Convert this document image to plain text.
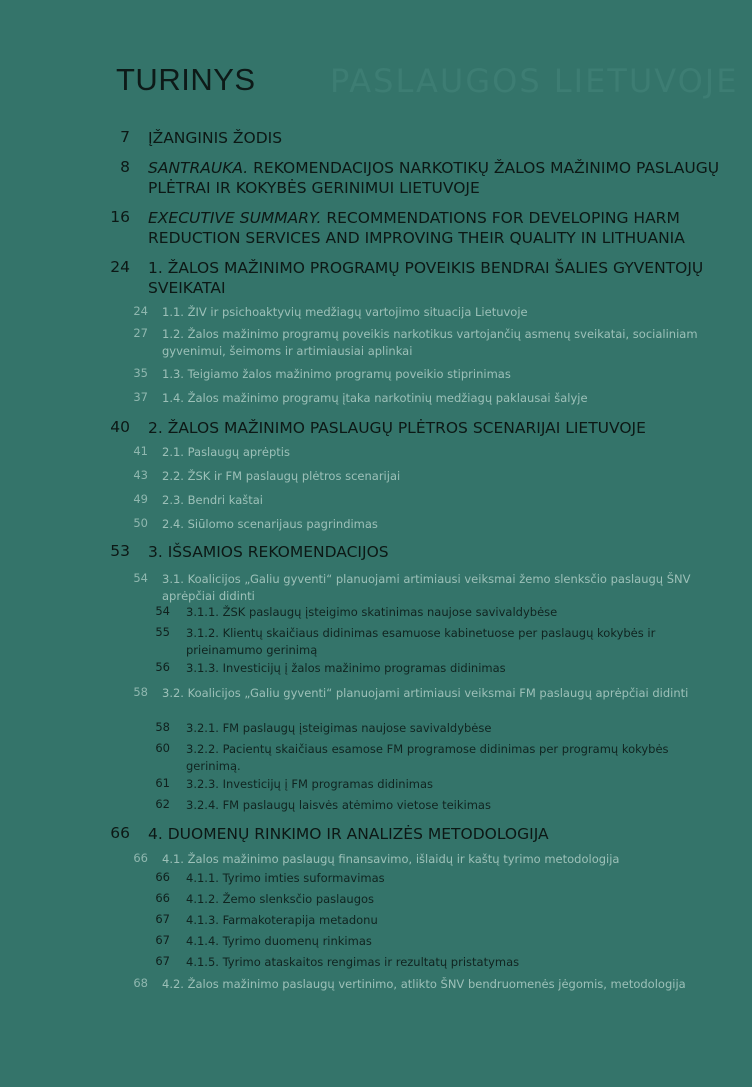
PASLAUGOS LIETUVOJE
TURINYS
7 ĮŽANGINIS ŽODIS
8 SANTRAUKA. REKOMENDACIJOS NARKOTIKŲ ŽALOS MAŽINIMO PASLAUGŲ PLĖTRAI IR KOKYBĖS GERINIMUI LIETUVOJE
16 EXECUTIVE SUMMARY. RECOMMENDATIONS FOR DEVELOPING HARM REDUCTION SERVICES AND IMPROVING THEIR QUALITY IN LITHUANIA
24 1. ŽALOS MAŽINIMO PROGRAMŲ POVEIKIS BENDRAI ŠALIES GYVENTOJŲ SVEIKATAI
24 1.1. ŽIV ir psichoaktyvių medžiagų vartojimo situacija Lietuvoje
27 1.2. Žalos mažinimo programų poveikis narkotikus vartojančių asmenų sveikatai, socialiniam gyvenimui, šeimoms ir artimiausiai aplinkai
35 1.3. Teigiamo žalos mažinimo programų poveikio stiprinimas
37 1.4. Žalos mažinimo programų įtaka narkotinių medžiagų paklausai šalyje
40 2. ŽALOS MAŽINIMO PASLAUGŲ PLĖTROS SCENARIJAI LIETUVOJE
41 2.1. Paslaugų aprėptis
43 2.2. ŽSK ir FM paslaugų plėtros scenarijai
49 2.3. Bendri kaštai
50 2.4. Siūlomo scenarijaus pagrindimas
53 3. IŠSAMIOS REKOMENDACIJOS
54 3.1. Koalicijos „Galiu gyventi“ planuojami artimiausi veiksmai žemo slenksčio paslaugų ŠNV aprėpčiai didinti
54 3.1.1. ŽSK paslaugų įsteigimo skatinimas naujose savivaldybėse
55 3.1.2. Klientų skaičiaus didinimas esamuose kabinetuose per paslaugų kokybės ir prieinamumo gerinimą
56 3.1.3. Investicijų į žalos mažinimo programas didinimas
58 3.2. Koalicijos „Galiu gyventi“ planuojami artimiausi veiksmai FM paslaugų aprėpčiai didinti
58 3.2.1. FM paslaugų įsteigimas naujose savivaldybėse
60 3.2.2. Pacientų skaičiaus esamose FM programose didinimas per programų kokybės gerinimą.
61 3.2.3. Investicijų į FM programas didinimas
62 3.2.4. FM paslaugų laisvės atėmimo vietose teikimas
66 4. DUOMENŲ RINKIMO IR ANALIZĖS METODOLOGIJA
66 4.1. Žalos mažinimo paslaugų finansavimo, išlaidų ir kaštų tyrimo metodologija
66 4.1.1. Tyrimo imties suformavimas
66 4.1.2. Žemo slenksčio paslaugos
67 4.1.3. Farmakoterapija metadonu
67 4.1.4. Tyrimo duomenų rinkimas
67 4.1.5. Tyrimo ataskaitos rengimas ir rezultatų pristatymas
68 4.2. Žalos mažinimo paslaugų vertinimo, atlikto ŠNV bendruomenės jėgomis, metodologija
